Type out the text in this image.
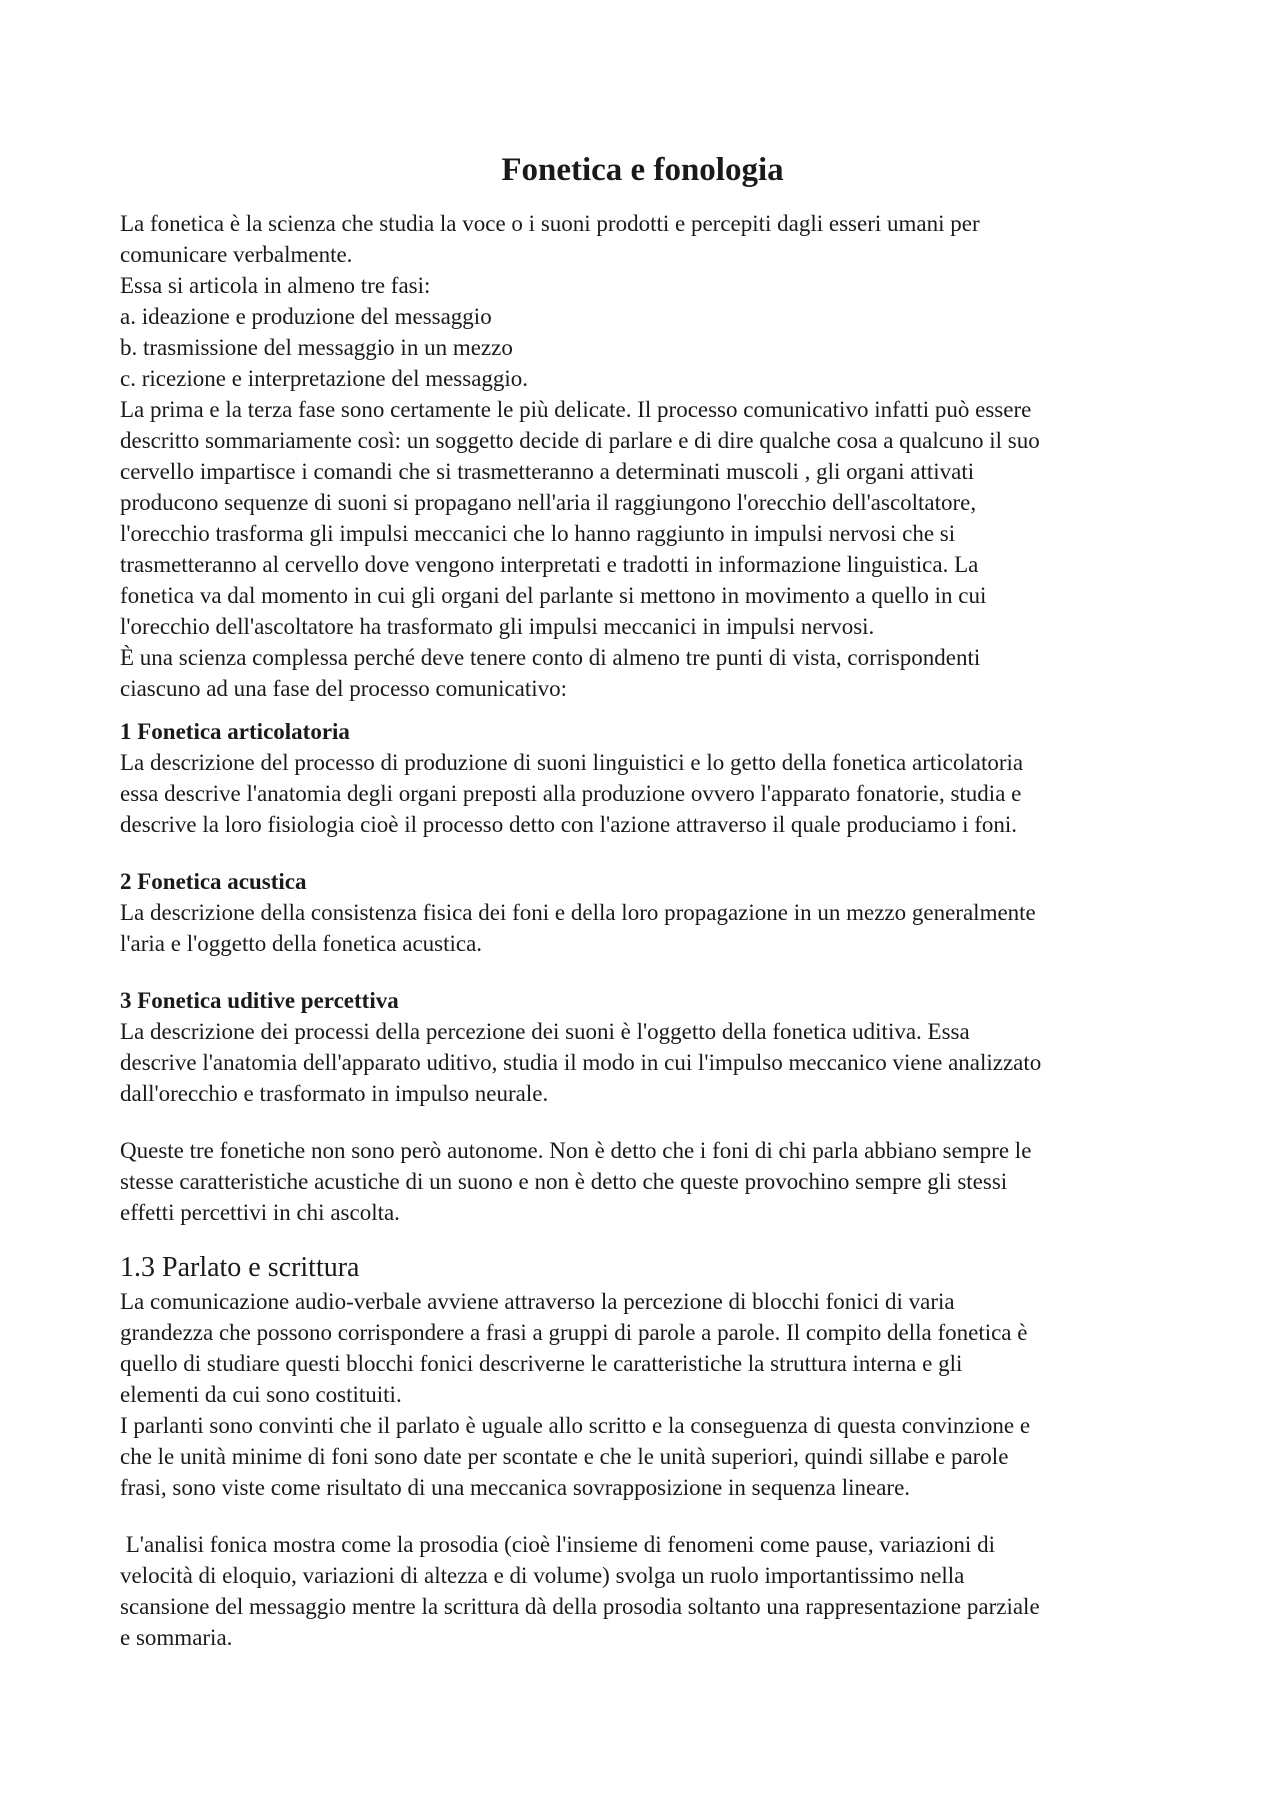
Fonetica e fonologia
La fonetica è la scienza che studia la voce o i suoni prodotti e percepiti dagli esseri umani per
comunicare verbalmente.
Essa si articola in almeno tre fasi:
a. ideazione e produzione del messaggio
b. trasmissione del messaggio in un mezzo
c. ricezione e interpretazione del messaggio.
La prima e la terza fase sono certamente le più delicate. Il processo comunicativo infatti può essere
descritto sommariamente così: un soggetto decide di parlare e di dire qualche cosa a qualcuno il suo
cervello impartisce i comandi che si trasmetteranno a determinati muscoli , gli organi attivati
producono sequenze di suoni si propagano nell'aria il raggiungono l'orecchio dell'ascoltatore,
l'orecchio trasforma gli impulsi meccanici che lo hanno raggiunto in impulsi nervosi che si
trasmetteranno al cervello dove vengono interpretati e tradotti in informazione linguistica. La
fonetica va dal momento in cui gli organi del parlante si mettono in movimento a quello in cui
l'orecchio dell'ascoltatore ha trasformato gli impulsi meccanici in impulsi nervosi.
È una scienza complessa perché deve tenere conto di almeno tre punti di vista, corrispondenti
ciascuno ad una fase del processo comunicativo:
1 Fonetica articolatoria
La descrizione del processo di produzione di suoni linguistici e lo getto della fonetica articolatoria
essa descrive l'anatomia degli organi preposti alla produzione ovvero l'apparato fonatorie, studia e
descrive la loro fisiologia cioè il processo detto con l'azione attraverso il quale produciamo i foni.
2 Fonetica acustica
La descrizione della consistenza fisica dei foni e della loro propagazione in un mezzo generalmente
l'aria e l'oggetto della fonetica acustica.
3 Fonetica uditive percettiva
La descrizione dei processi della percezione dei suoni è l'oggetto della fonetica uditiva. Essa
descrive l'anatomia dell'apparato uditivo, studia il modo in cui l'impulso meccanico viene analizzato
dall'orecchio e trasformato in impulso neurale.
Queste tre fonetiche non sono però autonome. Non è detto che i foni di chi parla abbiano sempre le
stesse caratteristiche acustiche di un suono e non è detto che queste provochino sempre gli stessi
effetti percettivi in chi ascolta.
1.3 Parlato e scrittura
La comunicazione audio-verbale avviene attraverso la percezione di blocchi fonici di varia
grandezza che possono corrispondere a frasi a gruppi di parole a parole. Il compito della fonetica è
quello di studiare questi blocchi fonici descriverne le caratteristiche la struttura interna e gli
elementi da cui sono costituiti.
I parlanti sono convinti che il parlato è uguale allo scritto e la conseguenza di questa convinzione e
che le unità minime di foni sono date per scontate e che le unità superiori, quindi sillabe e parole
frasi, sono viste come risultato di una meccanica sovrapposizione in sequenza lineare.
L'analisi fonica mostra come la prosodia (cioè l'insieme di fenomeni come pause, variazioni di
velocità di eloquio, variazioni di altezza e di volume) svolga un ruolo importantissimo nella
scansione del messaggio mentre la scrittura dà della prosodia soltanto una rappresentazione parziale
e sommaria.
